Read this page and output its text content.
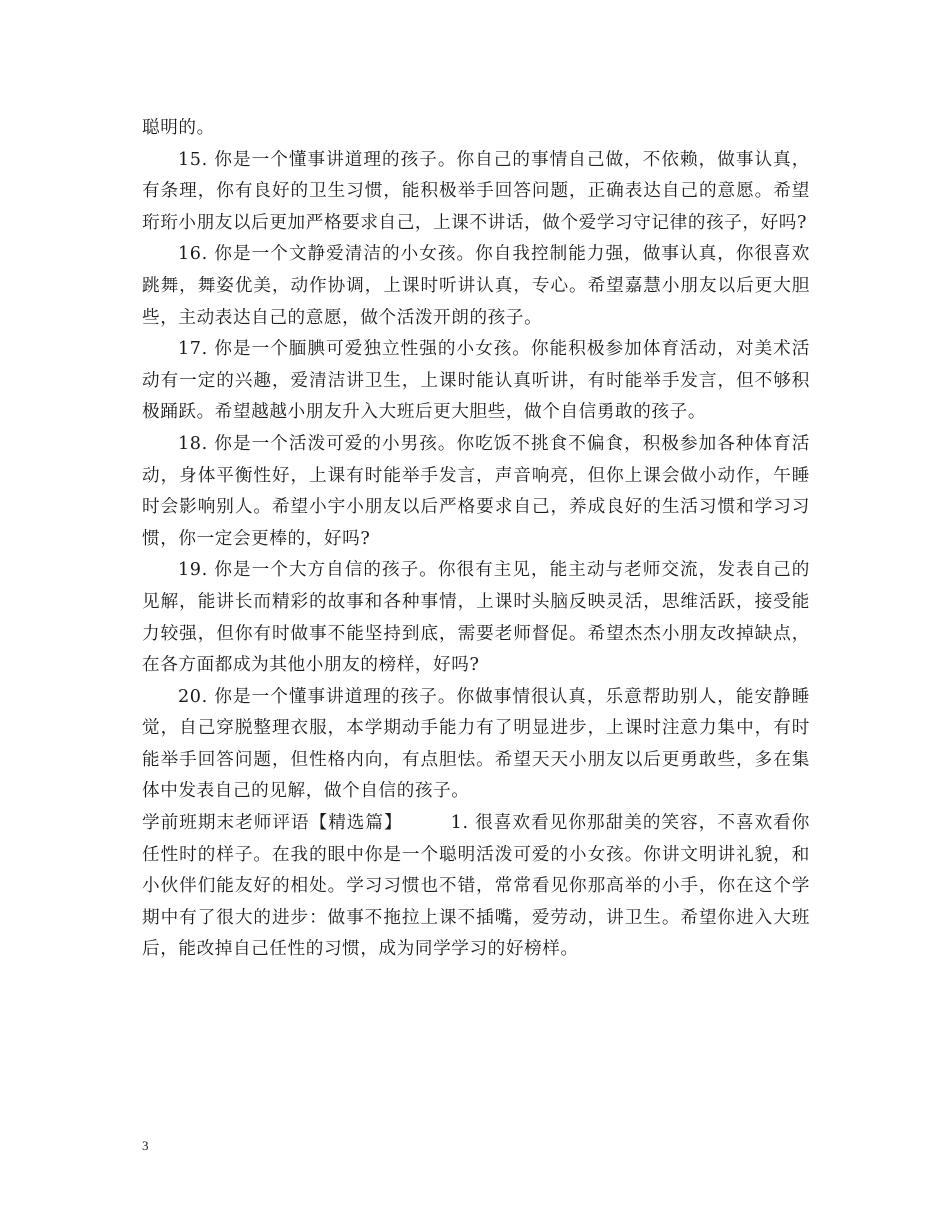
聪明的。

15. 你是一个懂事讲道理的孩子。你自己的事情自己做，不依赖，做事认真，有条理，你有良好的卫生习惯，能积极举手回答问题，正确表达自己的意愿。希望珩珩小朋友以后更加严格要求自己，上课不讲话，做个爱学习守记律的孩子，好吗?

16. 你是一个文静爱清洁的小女孩。你自我控制能力强，做事认真，你很喜欢跳舞，舞姿优美，动作协调，上课时听讲认真，专心。希望嘉慧小朋友以后更大胆些，主动表达自己的意愿，做个活泼开朗的孩子。

17. 你是一个腼腆可爱独立性强的小女孩。你能积极参加体育活动，对美术活动有一定的兴趣，爱清洁讲卫生，上课时能认真听讲，有时能举手发言，但不够积极踊跃。希望越越小朋友升入大班后更大胆些，做个自信勇敢的孩子。

18. 你是一个活泼可爱的小男孩。你吃饭不挑食不偏食，积极参加各种体育活动，身体平衡性好，上课有时能举手发言，声音响亮，但你上课会做小动作，午睡时会影响别人。希望小宇小朋友以后严格要求自己，养成良好的生活习惯和学习习惯，你一定会更棒的，好吗?

19. 你是一个大方自信的孩子。你很有主见，能主动与老师交流，发表自己的见解，能讲长而精彩的故事和各种事情，上课时头脑反映灵活，思维活跃，接受能力较强，但你有时做事不能坚持到底，需要老师督促。希望杰杰小朋友改掉缺点，在各方面都成为其他小朋友的榜样，好吗?

20. 你是一个懂事讲道理的孩子。你做事情很认真，乐意帮助别人，能安静睡觉，自己穿脱整理衣服，本学期动手能力有了明显进步，上课时注意力集中，有时能举手回答问题，但性格内向，有点胆怯。希望天天小朋友以后更勇敢些，多在集体中发表自己的见解，做个自信的孩子。

学前班期末老师评语【精选篇】	1. 很喜欢看见你那甜美的笑容，不喜欢看你任性时的样子。在我的眼中你是一个聪明活泼可爱的小女孩。你讲文明讲礼貌，和小伙伴们能友好的相处。学习习惯也不错，常常看见你那高举的小手，你在这个学期中有了很大的进步：做事不拖拉上课不插嘴，爱劳动，讲卫生。希望你进入大班后，能改掉自己任性的习惯，成为同学学习的好榜样。

3
